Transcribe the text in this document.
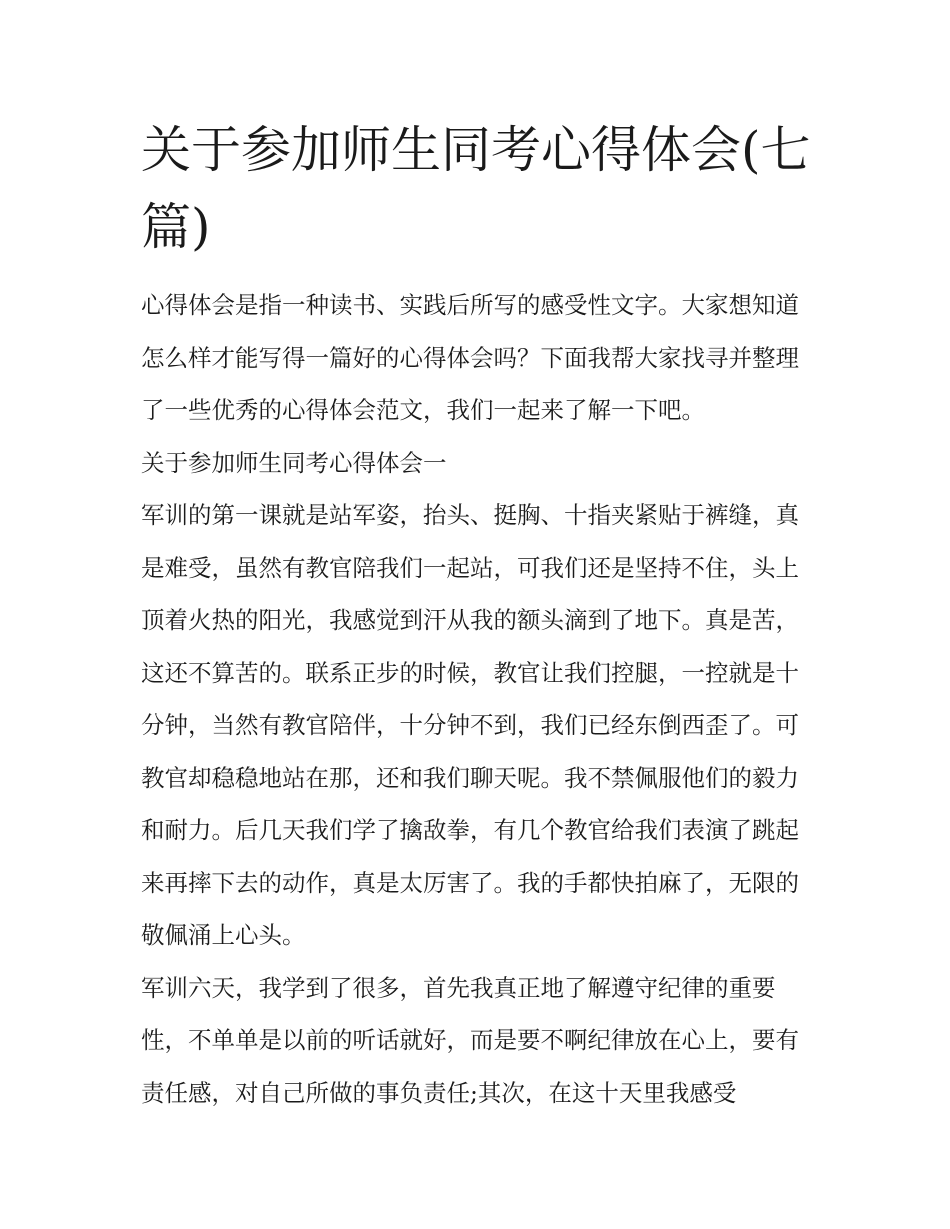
关于参加师生同考心得体会(七篇)

心得体会是指一种读书、实践后所写的感受性文字。大家想知道怎么样才能写得一篇好的心得体会吗？下面我帮大家找寻并整理了一些优秀的心得体会范文，我们一起来了解一下吧。

关于参加师生同考心得体会一

军训的第一课就是站军姿，抬头、挺胸、十指夹紧贴于裤缝，真是难受，虽然有教官陪我们一起站，可我们还是坚持不住，头上顶着火热的阳光，我感觉到汗从我的额头滴到了地下。真是苦，这还不算苦的。联系正步的时候，教官让我们控腿，一控就是十分钟，当然有教官陪伴，十分钟不到，我们已经东倒西歪了。可教官却稳稳地站在那，还和我们聊天呢。我不禁佩服他们的毅力和耐力。后几天我们学了擒敌拳，有几个教官给我们表演了跳起来再摔下去的动作，真是太厉害了。我的手都快拍麻了，无限的敬佩涌上心头。

军训六天，我学到了很多，首先我真正地了解遵守纪律的重要性，不单单是以前的听话就好，而是要不啊纪律放在心上，要有责任感，对自己所做的事负责任;其次，在这十天里我感受
